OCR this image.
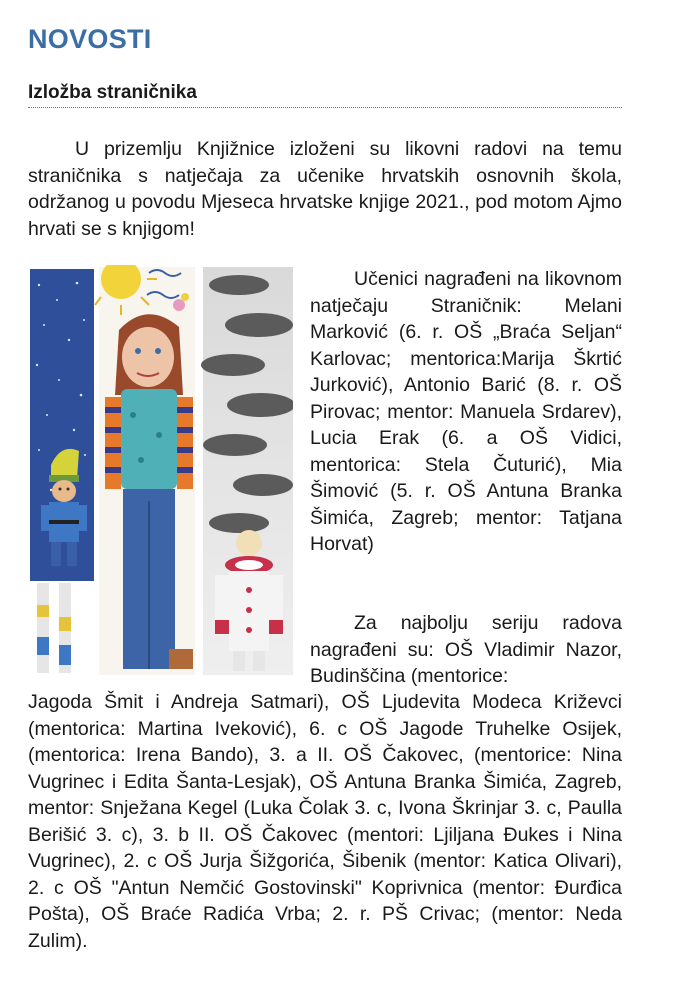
NOVOSTI
Izložba straničnika

U prizemlju Knjižnice izloženi su likovni radovi na temu straničnika s natječaja za učenike hrvatskih osnovnih škola, održanog u povodu Mjeseca hrvatske knjige 2021., pod motom Ajmo hrvati se s knjigom!

Učenici nagrađeni na likovnom natječaju Straničnik: Melani Marković (6. r. OŠ „Braća Seljan“ Karlovac; mentorica:Marija Škrtić Jurković), Antonio Barić (8. r. OŠ Pirovac; mentor: Manuela Srdarev), Lucia Erak (6. a OŠ Vidici, mentorica: Stela Čuturić), Mia Šimović (5. r. OŠ Antuna Branka Šimića, Zagreb; mentor: Tatjana Horvat)

Za najbolju seriju radova nagrađeni su: OŠ Vladimir Nazor, Budinščina (mentorice:

Jagoda Šmit i Andreja Satmari), OŠ Ljudevita Modeca Križevci (mentorica: Martina Iveković), 6. c OŠ Jagode Truhelke Osijek, (mentorica: Irena Bando), 3. a II. OŠ Čakovec, (mentorice: Nina Vugrinec i Edita Šanta-Lesjak), OŠ Antuna Branka Šimića, Zagreb, mentor: Snježana Kegel (Luka Čolak 3. c, Ivona Škrinjar 3. c, Paulla Berišić 3. c), 3. b II. OŠ Čakovec (mentori: Ljiljana Đukes i Nina Vugrinec), 2. c OŠ Jurja Šižgorića, Šibenik (mentor: Katica Olivari), 2. c OŠ "Antun Nemčić Gostovinski" Koprivnica (mentor: Đurđica Pošta), OŠ Braće Radića Vrba; 2. r. PŠ Crivac; (mentor: Neda Zulim).
